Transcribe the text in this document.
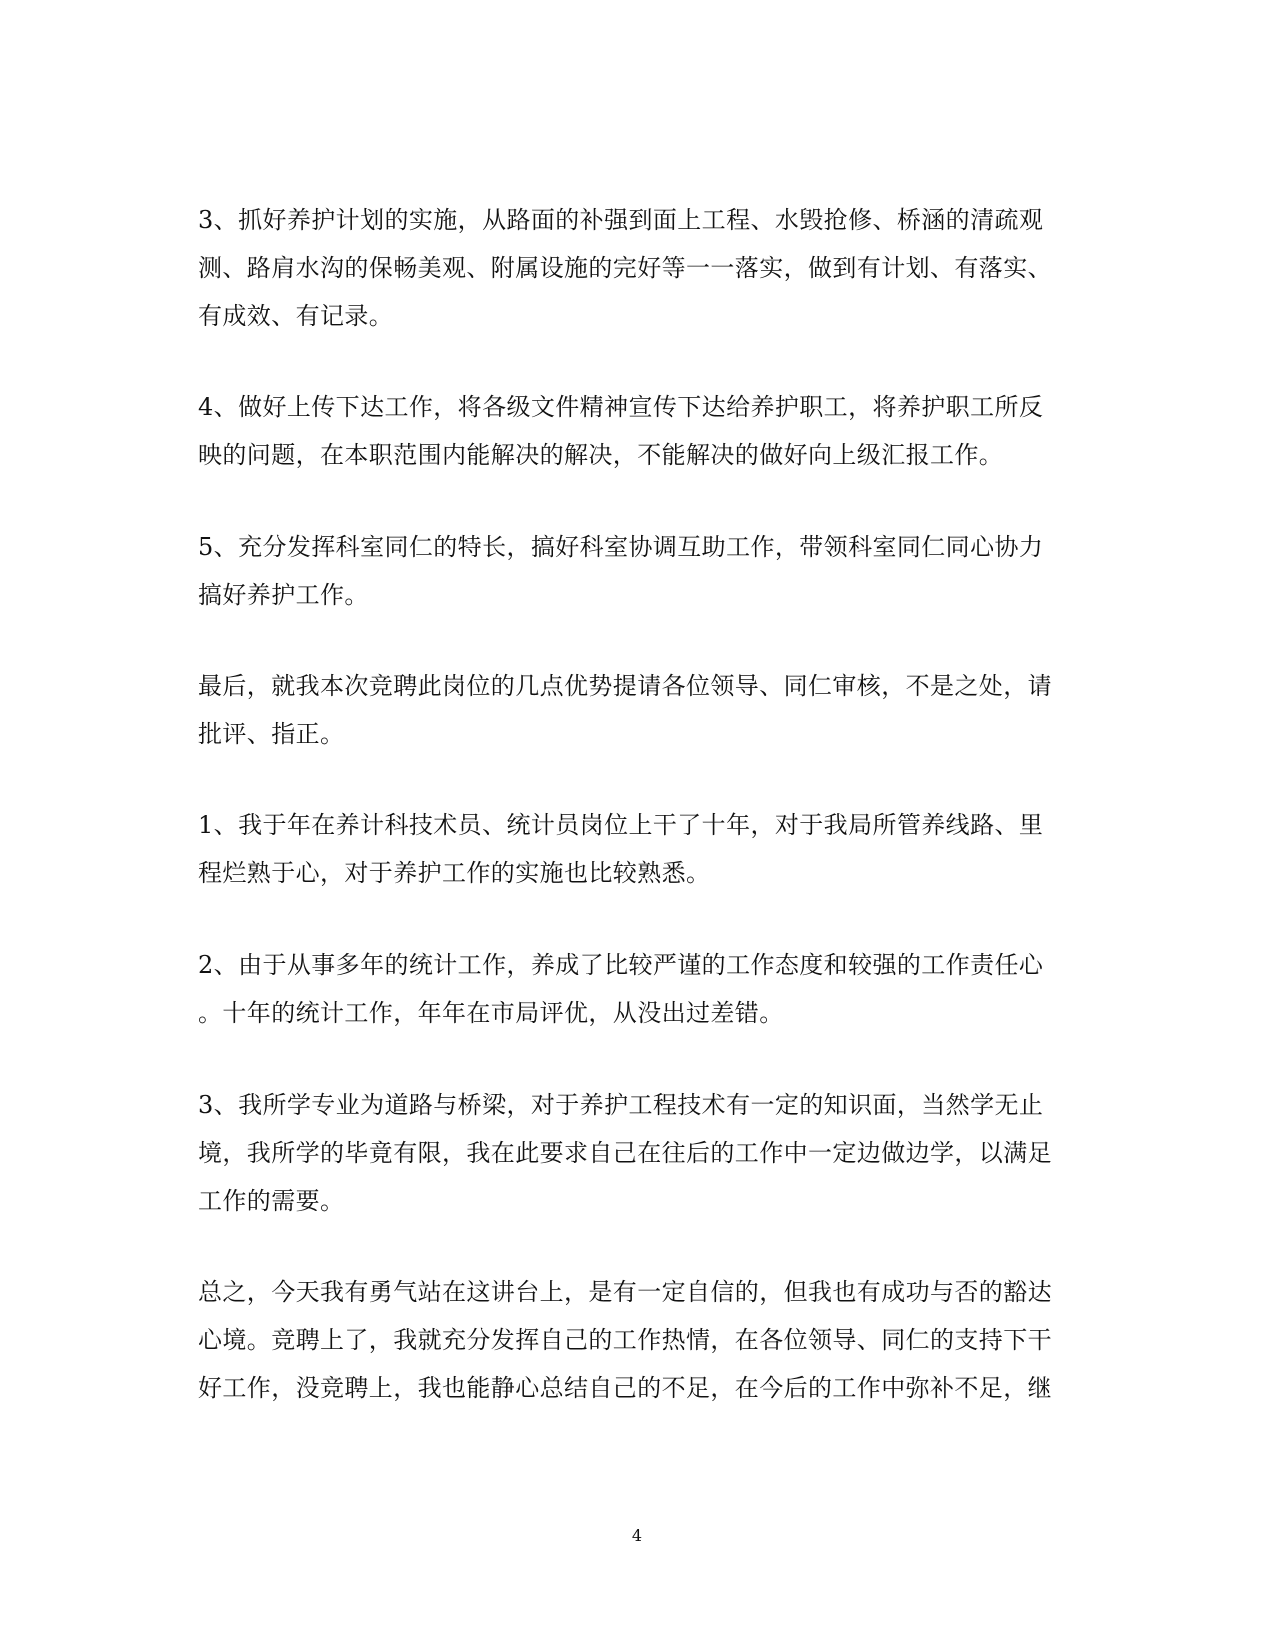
3、抓好养护计划的实施，从路面的补强到面上工程、水毁抢修、桥涵的清疏观
测、路肩水沟的保畅美观、附属设施的完好等一一落实，做到有计划、有落实、
有成效、有记录。
4、做好上传下达工作，将各级文件精神宣传下达给养护职工，将养护职工所反
映的问题，在本职范围内能解决的解决，不能解决的做好向上级汇报工作。
5、充分发挥科室同仁的特长，搞好科室协调互助工作，带领科室同仁同心协力
搞好养护工作。
最后，就我本次竞聘此岗位的几点优势提请各位领导、同仁审核，不是之处，请
批评、指正。
1、我于年在养计科技术员、统计员岗位上干了十年，对于我局所管养线路、里
程烂熟于心，对于养护工作的实施也比较熟悉。
2、由于从事多年的统计工作，养成了比较严谨的工作态度和较强的工作责任心
。十年的统计工作，年年在市局评优，从没出过差错。
3、我所学专业为道路与桥梁，对于养护工程技术有一定的知识面，当然学无止
境，我所学的毕竟有限，我在此要求自己在往后的工作中一定边做边学，以满足
工作的需要。
总之，今天我有勇气站在这讲台上，是有一定自信的，但我也有成功与否的豁达
心境。竞聘上了，我就充分发挥自己的工作热情，在各位领导、同仁的支持下干
好工作，没竞聘上，我也能静心总结自己的不足，在今后的工作中弥补不足，继
4
